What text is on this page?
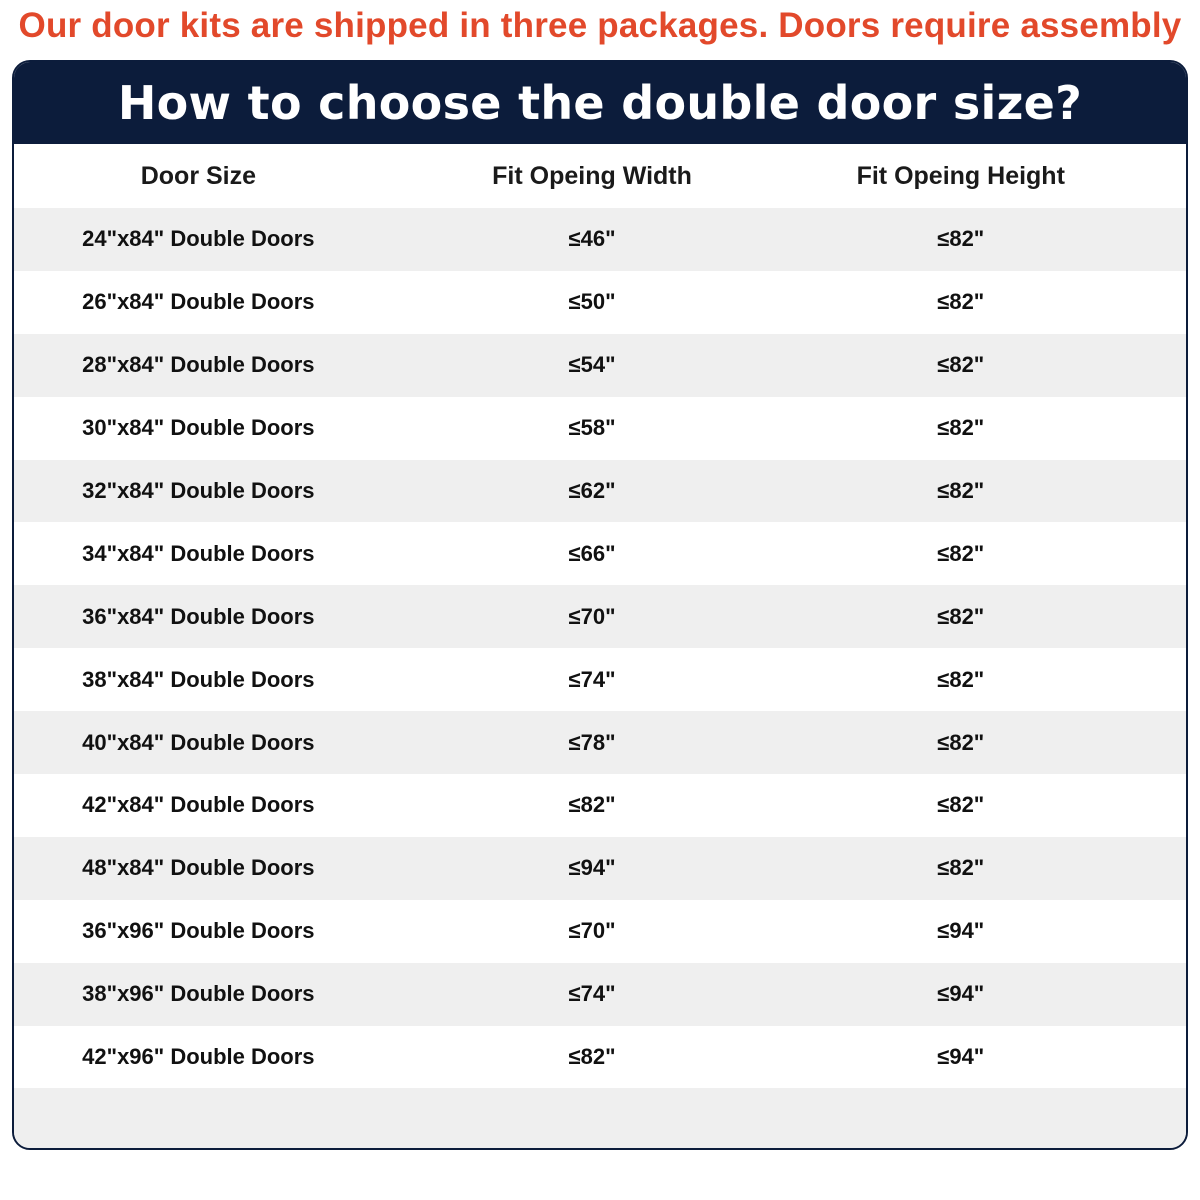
Our door kits are shipped in three packages. Doors require assembly
How to choose the double door size?
Door Size	Fit Opeing Width	Fit Opeing Height
24"x84" Double Doors	≤46"	≤82"
26"x84" Double Doors	≤50"	≤82"
28"x84" Double Doors	≤54"	≤82"
30"x84" Double Doors	≤58"	≤82"
32"x84" Double Doors	≤62"	≤82"
34"x84" Double Doors	≤66"	≤82"
36"x84" Double Doors	≤70"	≤82"
38"x84" Double Doors	≤74"	≤82"
40"x84" Double Doors	≤78"	≤82"
42"x84" Double Doors	≤82"	≤82"
48"x84" Double Doors	≤94"	≤82"
36"x96" Double Doors	≤70"	≤94"
38"x96" Double Doors	≤74"	≤94"
42"x96" Double Doors	≤82"	≤94"
